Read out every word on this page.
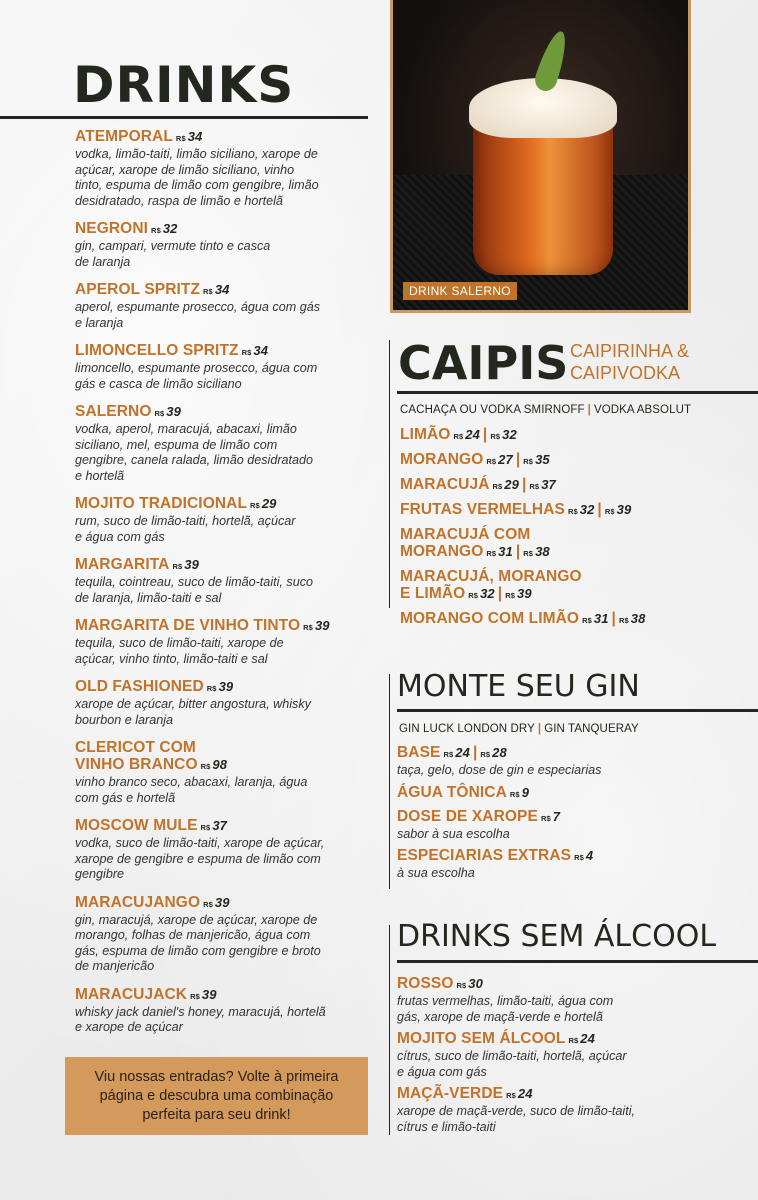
DRINKS
ATEMPORAL R$ 34
vodka, limão-taiti, limão siciliano, xarope de
açúcar, xarope de limão siciliano, vinho
tinto, espuma de limão com gengibre, limão
desidratado, raspa de limão e hortelã
NEGRONI R$ 32
gin, campari, vermute tinto e casca
de laranja
APEROL SPRITZ R$ 34
aperol, espumante prosecco, água com gás
e laranja
LIMONCELLO SPRITZ R$ 34
limoncello, espumante prosecco, água com
gás e casca de limão siciliano
SALERNO R$ 39
vodka, aperol, maracujá, abacaxi, limão
siciliano, mel, espuma de limão com
gengibre, canela ralada, limão desidratado
e hortelã
MOJITO TRADICIONAL R$ 29
rum, suco de limão-taiti, hortelã, açúcar
e água com gás
MARGARITA R$ 39
tequila, cointreau, suco de limão-taiti, suco
de laranja, limão-taiti e sal
MARGARITA DE VINHO TINTO R$ 39
tequila, suco de limão-taiti, xarope de
açúcar, vinho tinto, limão-taiti e sal
OLD FASHIONED R$ 39
xarope de açúcar, bitter angostura, whisky
bourbon e laranja
CLERICOT COM
VINHO BRANCO R$ 98
vinho branco seco, abacaxi, laranja, água
com gás e hortelã
MOSCOW MULE R$ 37
vodka, suco de limão-taiti, xarope de açúcar,
xarope de gengibre e espuma de limão com
gengibre
MARACUJANGO R$ 39
gin, maracujá, xarope de açúcar, xarope de
morango, folhas de manjericão, água com
gás, espuma de limão com gengibre e broto
de manjericão
MARACUJACK R$ 39
whisky jack daniel's honey, maracujá, hortelã
e xarope de açúcar
DRINK SALERNO
CAIPIS CAIPIRINHA &
CAIPIVODKA
CACHAÇA OU VODKA SMIRNOFF | VODKA ABSOLUT
LIMÃO R$ 24 | R$ 32
MORANGO R$ 27 | R$ 35
MARACUJÁ R$ 29 | R$ 37
FRUTAS VERMELHAS R$ 32 | R$ 39
MARACUJÁ COM
MORANGO R$ 31 | R$ 38
MARACUJÁ, MORANGO
E LIMÃO R$ 32 | R$ 39
MORANGO COM LIMÃO R$ 31 | R$ 38
MONTE SEU GIN
GIN LUCK LONDON DRY | GIN TANQUERAY
BASE R$ 24 | R$ 28
taça, gelo, dose de gin e especiarias
ÁGUA TÔNICA R$ 9
DOSE DE XAROPE R$ 7
sabor à sua escolha
ESPECIARIAS EXTRAS R$ 4
à sua escolha
DRINKS SEM ÁLCOOL
ROSSO R$ 30
frutas vermelhas, limão-taiti, água com
gás, xarope de maçã-verde e hortelã
MOJITO SEM ÁLCOOL R$ 24
cítrus, suco de limão-taiti, hortelã, açúcar
e água com gás
MAÇÃ-VERDE R$ 24
xarope de maçã-verde, suco de limão-taiti,
cítrus e limão-taiti
Viu nossas entradas? Volte à primeira
página e descubra uma combinação
perfeita para seu drink!
